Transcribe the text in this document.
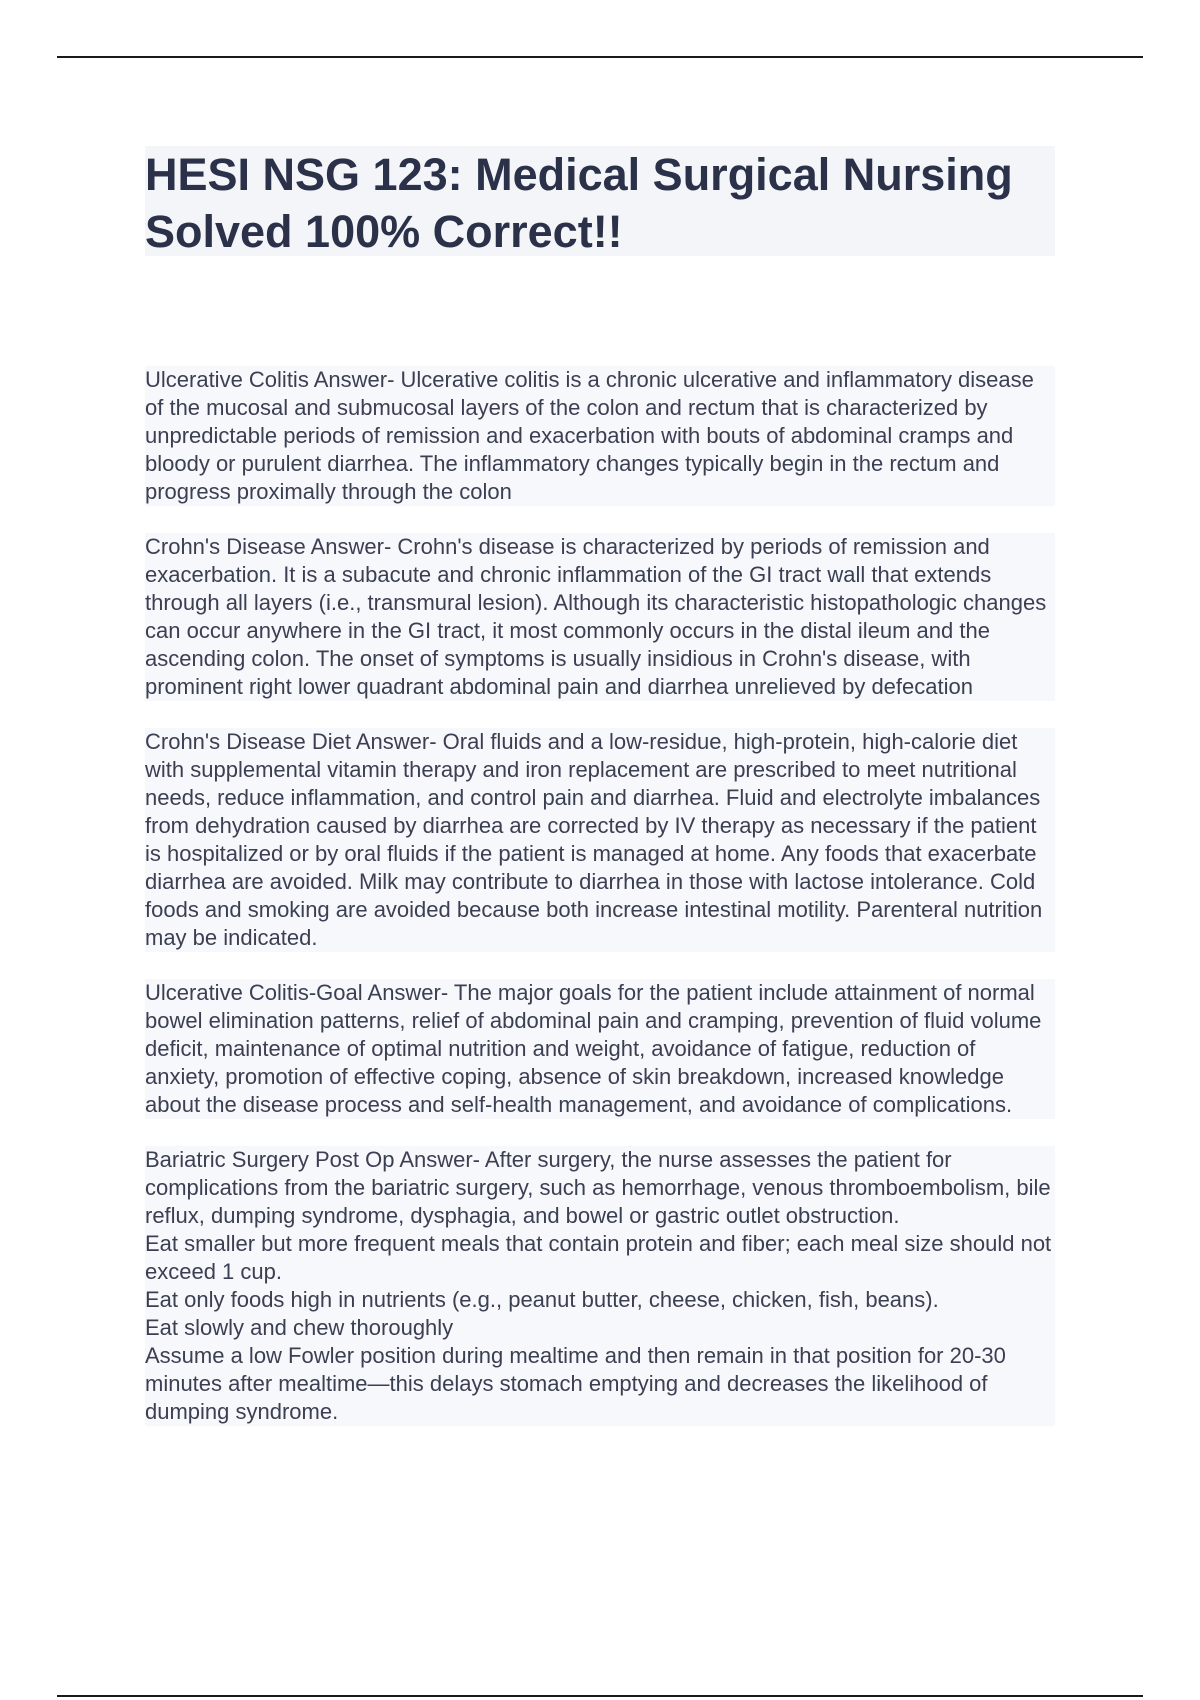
HESI NSG 123: Medical Surgical Nursing Solved 100% Correct!!

Ulcerative Colitis Answer- Ulcerative colitis is a chronic ulcerative and inflammatory disease of the mucosal and submucosal layers of the colon and rectum that is characterized by unpredictable periods of remission and exacerbation with bouts of abdominal cramps and bloody or purulent diarrhea. The inflammatory changes typically begin in the rectum and progress proximally through the colon

Crohn's Disease Answer- Crohn's disease is characterized by periods of remission and exacerbation. It is a subacute and chronic inflammation of the GI tract wall that extends through all layers (i.e., transmural lesion). Although its characteristic histopathologic changes can occur anywhere in the GI tract, it most commonly occurs in the distal ileum and the ascending colon. The onset of symptoms is usually insidious in Crohn's disease, with prominent right lower quadrant abdominal pain and diarrhea unrelieved by defecation

Crohn's Disease Diet Answer- Oral fluids and a low-residue, high-protein, high-calorie diet with supplemental vitamin therapy and iron replacement are prescribed to meet nutritional needs, reduce inflammation, and control pain and diarrhea. Fluid and electrolyte imbalances from dehydration caused by diarrhea are corrected by IV therapy as necessary if the patient is hospitalized or by oral fluids if the patient is managed at home. Any foods that exacerbate diarrhea are avoided. Milk may contribute to diarrhea in those with lactose intolerance. Cold foods and smoking are avoided because both increase intestinal motility. Parenteral nutrition may be indicated.

Ulcerative Colitis-Goal Answer- The major goals for the patient include attainment of normal bowel elimination patterns, relief of abdominal pain and cramping, prevention of fluid volume deficit, maintenance of optimal nutrition and weight, avoidance of fatigue, reduction of anxiety, promotion of effective coping, absence of skin breakdown, increased knowledge about the disease process and self-health management, and avoidance of complications.

Bariatric Surgery Post Op Answer- After surgery, the nurse assesses the patient for complications from the bariatric surgery, such as hemorrhage, venous thromboembolism, bile reflux, dumping syndrome, dysphagia, and bowel or gastric outlet obstruction.

Eat smaller but more frequent meals that contain protein and fiber; each meal size should not exceed 1 cup.

Eat only foods high in nutrients (e.g., peanut butter, cheese, chicken, fish, beans).

Eat slowly and chew thoroughly

Assume a low Fowler position during mealtime and then remain in that position for 20-30 minutes after mealtime—this delays stomach emptying and decreases the likelihood of dumping syndrome.
